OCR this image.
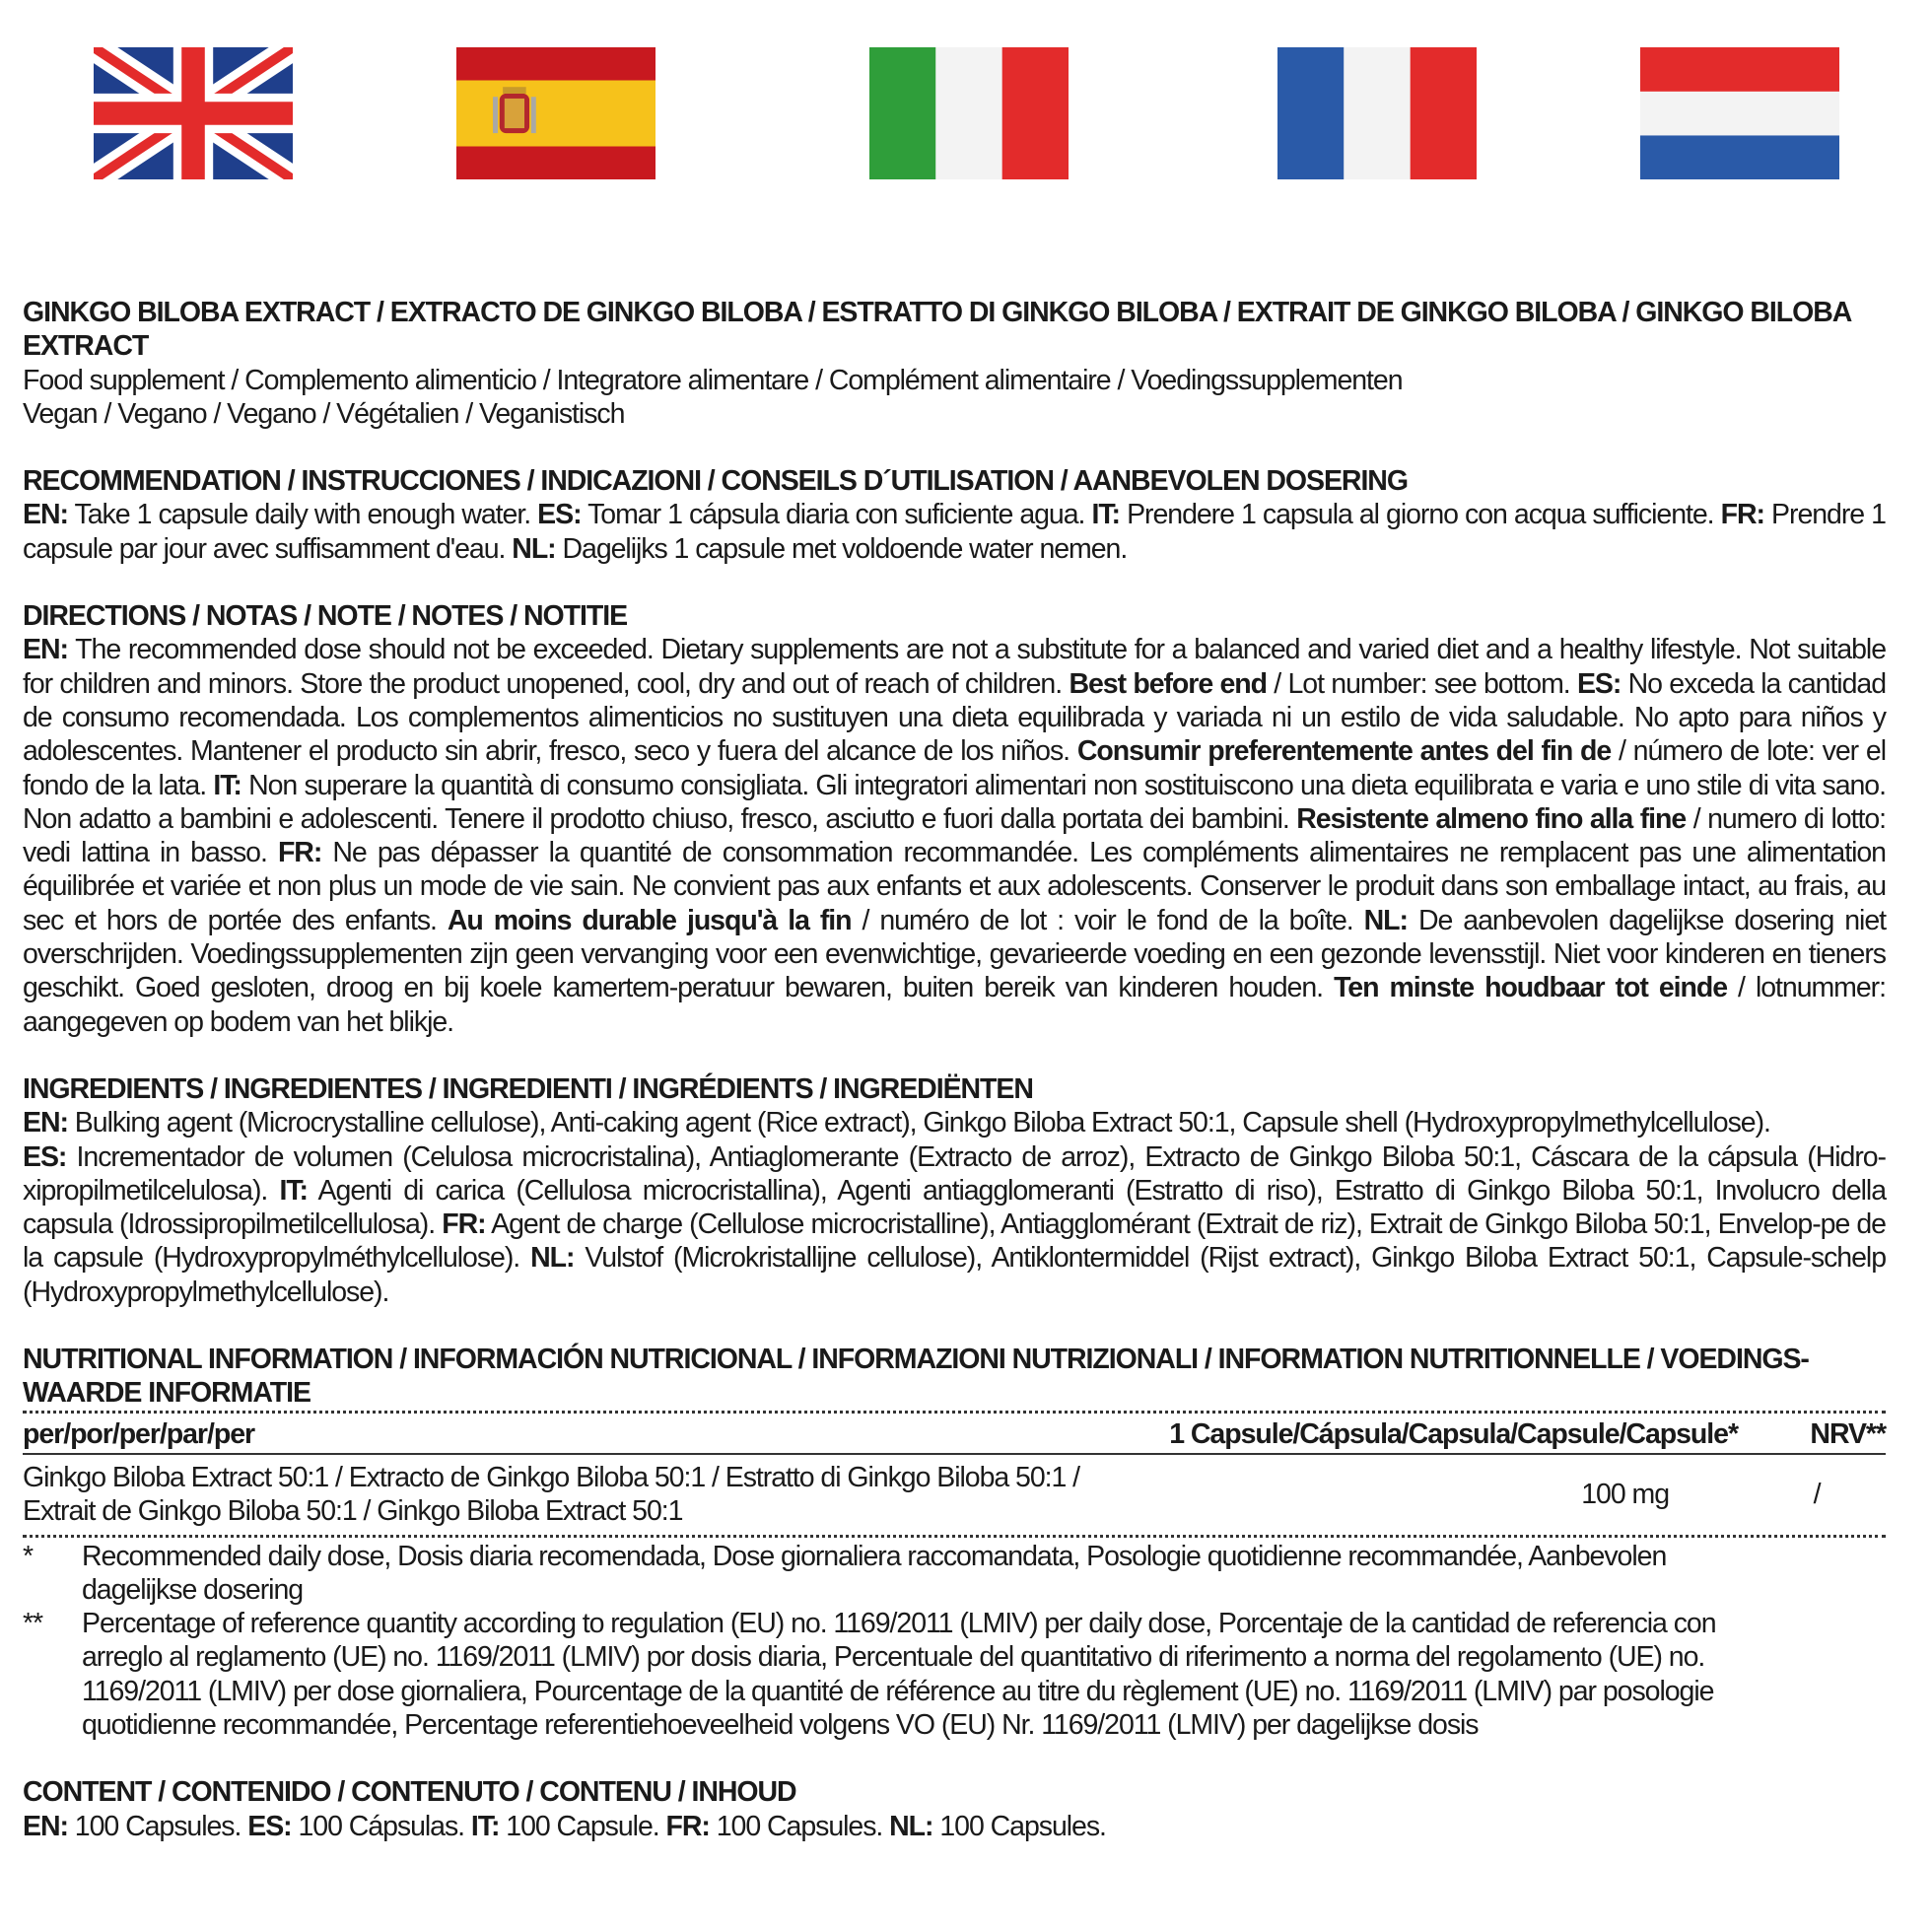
GINKGO BILOBA EXTRACT / EXTRACTO DE GINKGO BILOBA / ESTRATTO DI GINKGO BILOBA / EXTRAIT DE GINKGO BILOBA / GINKGO BILOBA EXTRACT
Food supplement / Complemento alimenticio / Integratore alimentare / Complément alimentaire / Voedingssupplementen
Vegan / Vegano / Vegano / Végétalien / Veganistisch
RECOMMENDATION / INSTRUCCIONES / INDICAZIONI / CONSEILS D´UTILISATION / AANBEVOLEN DOSERING

EN: Take 1 capsule daily with enough water. ES: Tomar 1 cápsula diaria con suficiente agua. IT: Prendere 1 capsula al giorno con acqua sufficiente. FR: Prendre 1 capsule par jour avec suffisamment d'eau. NL: Dagelijks 1 capsule met voldoende water nemen.

DIRECTIONS / NOTAS / NOTE / NOTES / NOTITIE

EN: The recommended dose should not be exceeded. Dietary supplements are not a substitute for a balanced and varied diet and a healthy lifestyle. Not suitable for children and minors. Store the product unopened, cool, dry and out of reach of children. Best before end / Lot number: see bottom. ES: No exceda la cantidad de consumo recomendada. Los complementos alimenticios no sustituyen una dieta equilibrada y variada ni un estilo de vida saludable. No apto para niños y adolescentes. Mantener el producto sin abrir, fresco, seco y fuera del alcance de los niños. Consumir preferentemente antes del fin de / número de lote: ver el fondo de la lata. IT: Non superare la quantità di consumo consigliata. Gli integratori alimentari non sostituiscono una dieta equilibrata e varia e uno stile di vita sano. Non adatto a bambini e adolescenti. Tenere il prodotto chiuso, fresco, asciutto e fuori dalla portata dei bambini. Resistente almeno fino alla fine / numero di lotto: vedi lattina in basso. FR: Ne pas dépasser la quantité de consommation recommandée. Les compléments alimentaires ne remplacent pas une alimentation équilibrée et variée et non plus un mode de vie sain. Ne convient pas aux enfants et aux adolescents. Conserver le produit dans son emballage intact, au frais, au sec et hors de portée des enfants. Au moins durable jusqu'à la fin / numéro de lot : voir le fond de la boîte. NL: De aanbevolen dagelijkse dosering niet overschrijden. Voedingssupplementen zijn geen vervanging voor een evenwichtige, gevarieerde voeding en een gezonde levensstijl. Niet voor kinderen en tieners geschikt. Goed gesloten, droog en bij koele kamertem-peratuur bewaren, buiten bereik van kinderen houden. Ten minste houdbaar tot einde / lotnummer: aangegeven op bodem van het blikje.

INGREDIENTS / INGREDIENTES / INGREDIENTI / INGRÉDIENTS / INGREDIËNTEN

EN: Bulking agent (Microcrystalline cellulose), Anti-caking agent (Rice extract), Ginkgo Biloba Extract 50:1, Capsule shell (Hydroxypropylmethylcellulose).

ES: Incrementador de volumen (Celulosa microcristalina), Antiaglomerante (Extracto de arroz), Extracto de Ginkgo Biloba 50:1, Cáscara de la cápsula (Hidro-xipropilmetilcelulosa). IT: Agenti di carica (Cellulosa microcristallina), Agenti antiagglomeranti (Estratto di riso), Estratto di Ginkgo Biloba 50:1, Involucro della capsula (Idrossipropilmetilcellulosa). FR: Agent de charge (Cellulose microcristalline), Antiagglomérant (Extrait de riz), Extrait de Ginkgo Biloba 50:1, Envelop-pe de la capsule (Hydroxypropylméthylcellulose). NL: Vulstof (Microkristallijne cellulose), Antiklontermiddel (Rijst extract), Ginkgo Biloba Extract 50:1, Capsule-schelp (Hydroxypropylmethylcellulose).

NUTRITIONAL INFORMATION / INFORMACIÓN NUTRICIONAL / INFORMAZIONI NUTRIZIONALI / INFORMATION NUTRITIONNELLE / VOEDINGS-
WAARDE INFORMATIE
per/por/per/par/per	1 Capsule/Cápsula/Capsula/Capsule/Capsule*	NRV**
Ginkgo Biloba Extract 50:1 / Extracto de Ginkgo Biloba 50:1 / Estratto di Ginkgo Biloba 50:1 /
Extrait de Ginkgo Biloba 50:1 / Ginkgo Biloba Extract 50:1
100 mg	/
*	Recommended daily dose, Dosis diaria recomendada, Dose giornaliera raccomandata, Posologie quotidienne recommandée, Aanbevolen dagelijkse dosering
**	Percentage of reference quantity according to regulation (EU) no. 1169/2011 (LMIV) per daily dose, Porcentaje de la cantidad de referencia con arreglo al reglamento (UE) no. 1169/2011 (LMIV) por dosis diaria, Percentuale del quantitativo di riferimento a norma del regolamento (UE) no. 1169/2011 (LMIV) per dose giornaliera, Pourcentage de la quantité de référence au titre du règlement (UE) no. 1169/2011 (LMIV) par posologie quotidienne recommandée, Percentage referentiehoeveelheid volgens VO (EU) Nr. 1169/2011 (LMIV) per dagelijkse dosis
CONTENT / CONTENIDO / CONTENUTO / CONTENU / INHOUD

EN: 100 Capsules. ES: 100 Cápsulas. IT: 100 Capsule. FR: 100 Capsules. NL: 100 Capsules.
